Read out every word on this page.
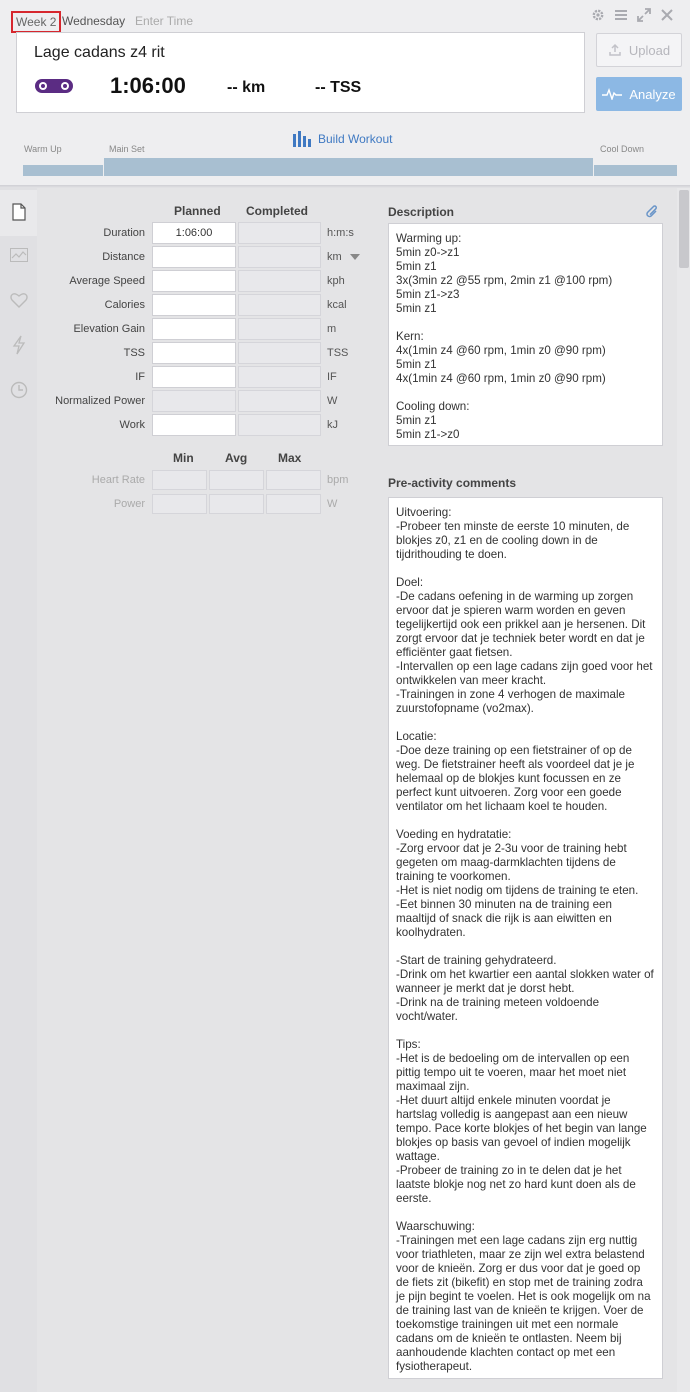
Week 2 Wednesday Enter Time
Lage cadans z4 rit
1:06:00	-- km	-- TSS
Upload
Analyze
Build Workout
Warm Up	Main Set	Cool Down
Planned Completed
Duration	1:06:00	h:m:s
Distance	km
Average Speed	kph
Calories	kcal
Elevation Gain	m
TSS	TSS
IF	IF
Normalized Power	W
Work	kJ
Min	Avg	Max
Heart Rate	bpm
Power	W
Description
Warming up:
5min z0->z1
5min z1
3x(3min z2 @55 rpm, 2min z1 @100 rpm)
5min z1->z3
5min z1

Kern:
4x(1min z4 @60 rpm, 1min z0 @90 rpm)
5min z1
4x(1min z4 @60 rpm, 1min z0 @90 rpm)

Cooling down:
5min z1
5min z1->z0
Pre-activity comments
Uitvoering:
-Probeer ten minste de eerste 10 minuten, de blokjes z0, z1 en de cooling down in de tijdrithouding te doen.

Doel:
-De cadans oefening in de warming up zorgen ervoor dat je spieren warm worden en geven tegelijkertijd ook een prikkel aan je hersenen. Dit zorgt ervoor dat je techniek beter wordt en dat je efficiënter gaat fietsen.
-Intervallen op een lage cadans zijn goed voor het ontwikkelen van meer kracht.
-Trainingen in zone 4 verhogen de maximale zuurstofopname (vo2max).

Locatie:
-Doe deze training op een fietstrainer of op de weg. De fietstrainer heeft als voordeel dat je je helemaal op de blokjes kunt focussen en ze perfect kunt uitvoeren. Zorg voor een goede ventilator om het lichaam koel te houden.

Voeding en hydratatie:
-Zorg ervoor dat je 2-3u voor de training hebt gegeten om maag-darmklachten tijdens de training te voorkomen.
-Het is niet nodig om tijdens de training te eten.
-Eet binnen 30 minuten na de training een maaltijd of snack die rijk is aan eiwitten en koolhydraten.

-Start de training gehydrateerd.
-Drink om het kwartier een aantal slokken water of wanneer je merkt dat je dorst hebt.
-Drink na de training meteen voldoende vocht/water.

Tips:
-Het is de bedoeling om de intervallen op een pittig tempo uit te voeren, maar het moet niet maximaal zijn.
-Het duurt altijd enkele minuten voordat je hartslag volledig is aangepast aan een nieuw tempo. Pace korte blokjes of het begin van lange blokjes op basis van gevoel of indien mogelijk wattage.
-Probeer de training zo in te delen dat je het laatste blokje nog net zo hard kunt doen als de eerste.

Waarschuwing:
-Trainingen met een lage cadans zijn erg nuttig voor triathleten, maar ze zijn wel extra belastend voor de knieën. Zorg er dus voor dat je goed op de fiets zit (bikefit) en stop met de training zodra je pijn begint te voelen. Het is ook mogelijk om na de training last van de knieën te krijgen. Voer de toekomstige trainingen uit met een normale cadans om de knieën te ontlasten. Neem bij aanhoudende klachten contact op met een fysiotherapeut.
